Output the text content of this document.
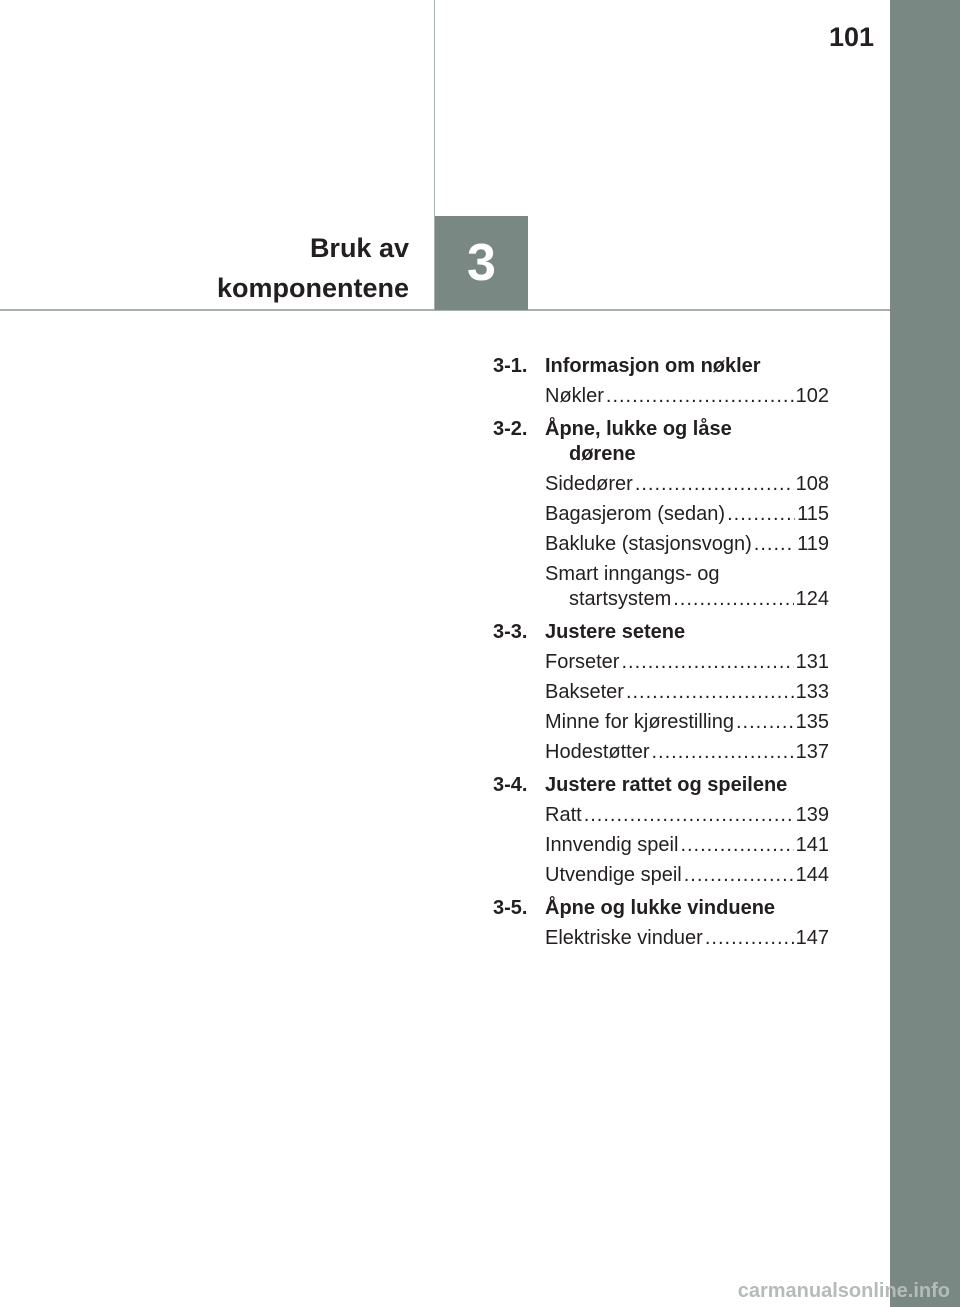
101
Bruk av
komponentene 3
3-1. Informasjon om nøkler
Nøkler .....	102
3-2. Åpne, lukke og låse
dørene
Sidedører .....	108
Bagasjerom (sedan) .....	115
Bakluke (stasjonsvogn) ..... 119
Smart inngangs- og
startsystem .....	124
3-3. Justere setene
Forseter .....	131
Bakseter .....	133
Minne for kjørestilling .....	135
Hodestøtter .....	137
3-4. Justere rattet og speilene
Ratt .....	139
Innvendig speil .....	141
Utvendige speil .....	144
3-5. Åpne og lukke vinduene
Elektriske vinduer .....	147
carmanualsonline.info
